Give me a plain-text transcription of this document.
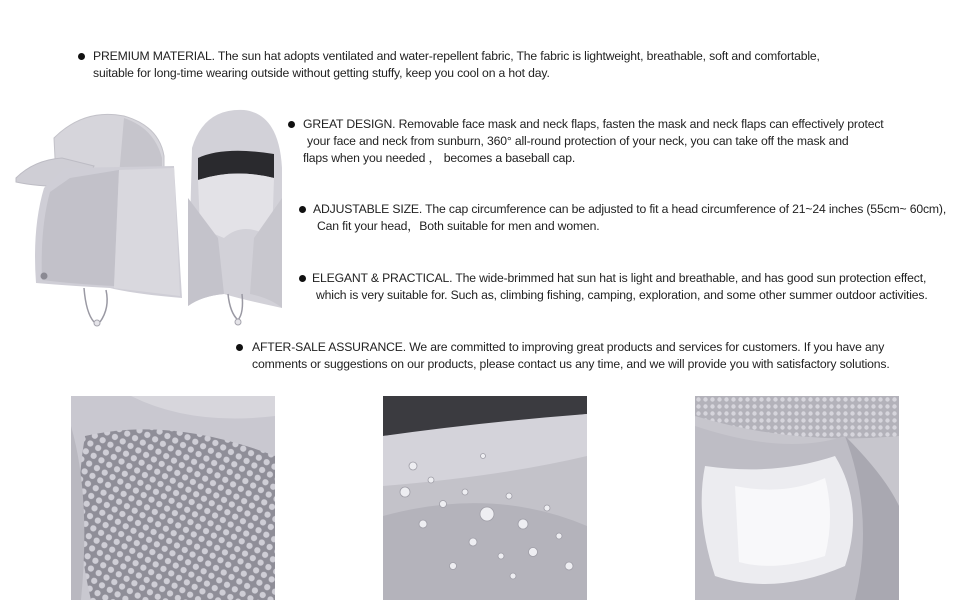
PREMIUM MATERIAL. The sun hat adopts ventilated and water-repellent fabric, The fabric is lightweight, breathable, soft and comfortable,

suitable for long-time wearing outside without getting stuffy, keep you cool on a hot day.

GREAT DESIGN. Removable face mask and neck flaps, fasten the mask and neck flaps can effectively protect

your face and neck from sunburn, 360° all-round protection of your neck, you can take off the mask and

flaps when you needed ， becomes a baseball cap.

ADJUSTABLE SIZE. The cap circumference can be adjusted to fit a head circumference of 21~24 inches (55cm~ 60cm),

Can fit your head，Both suitable for men and women.

ELEGANT & PRACTICAL. The wide-brimmed hat sun hat is light and breathable, and has good sun protection effect,

which is very suitable for. Such as, climbing fishing, camping, exploration, and some other summer outdoor activities.

AFTER-SALE ASSURANCE. We are committed to improving great products and services for customers. If you have any

comments or suggestions on our products, please contact us any time, and we will provide you with satisfactory solutions.
